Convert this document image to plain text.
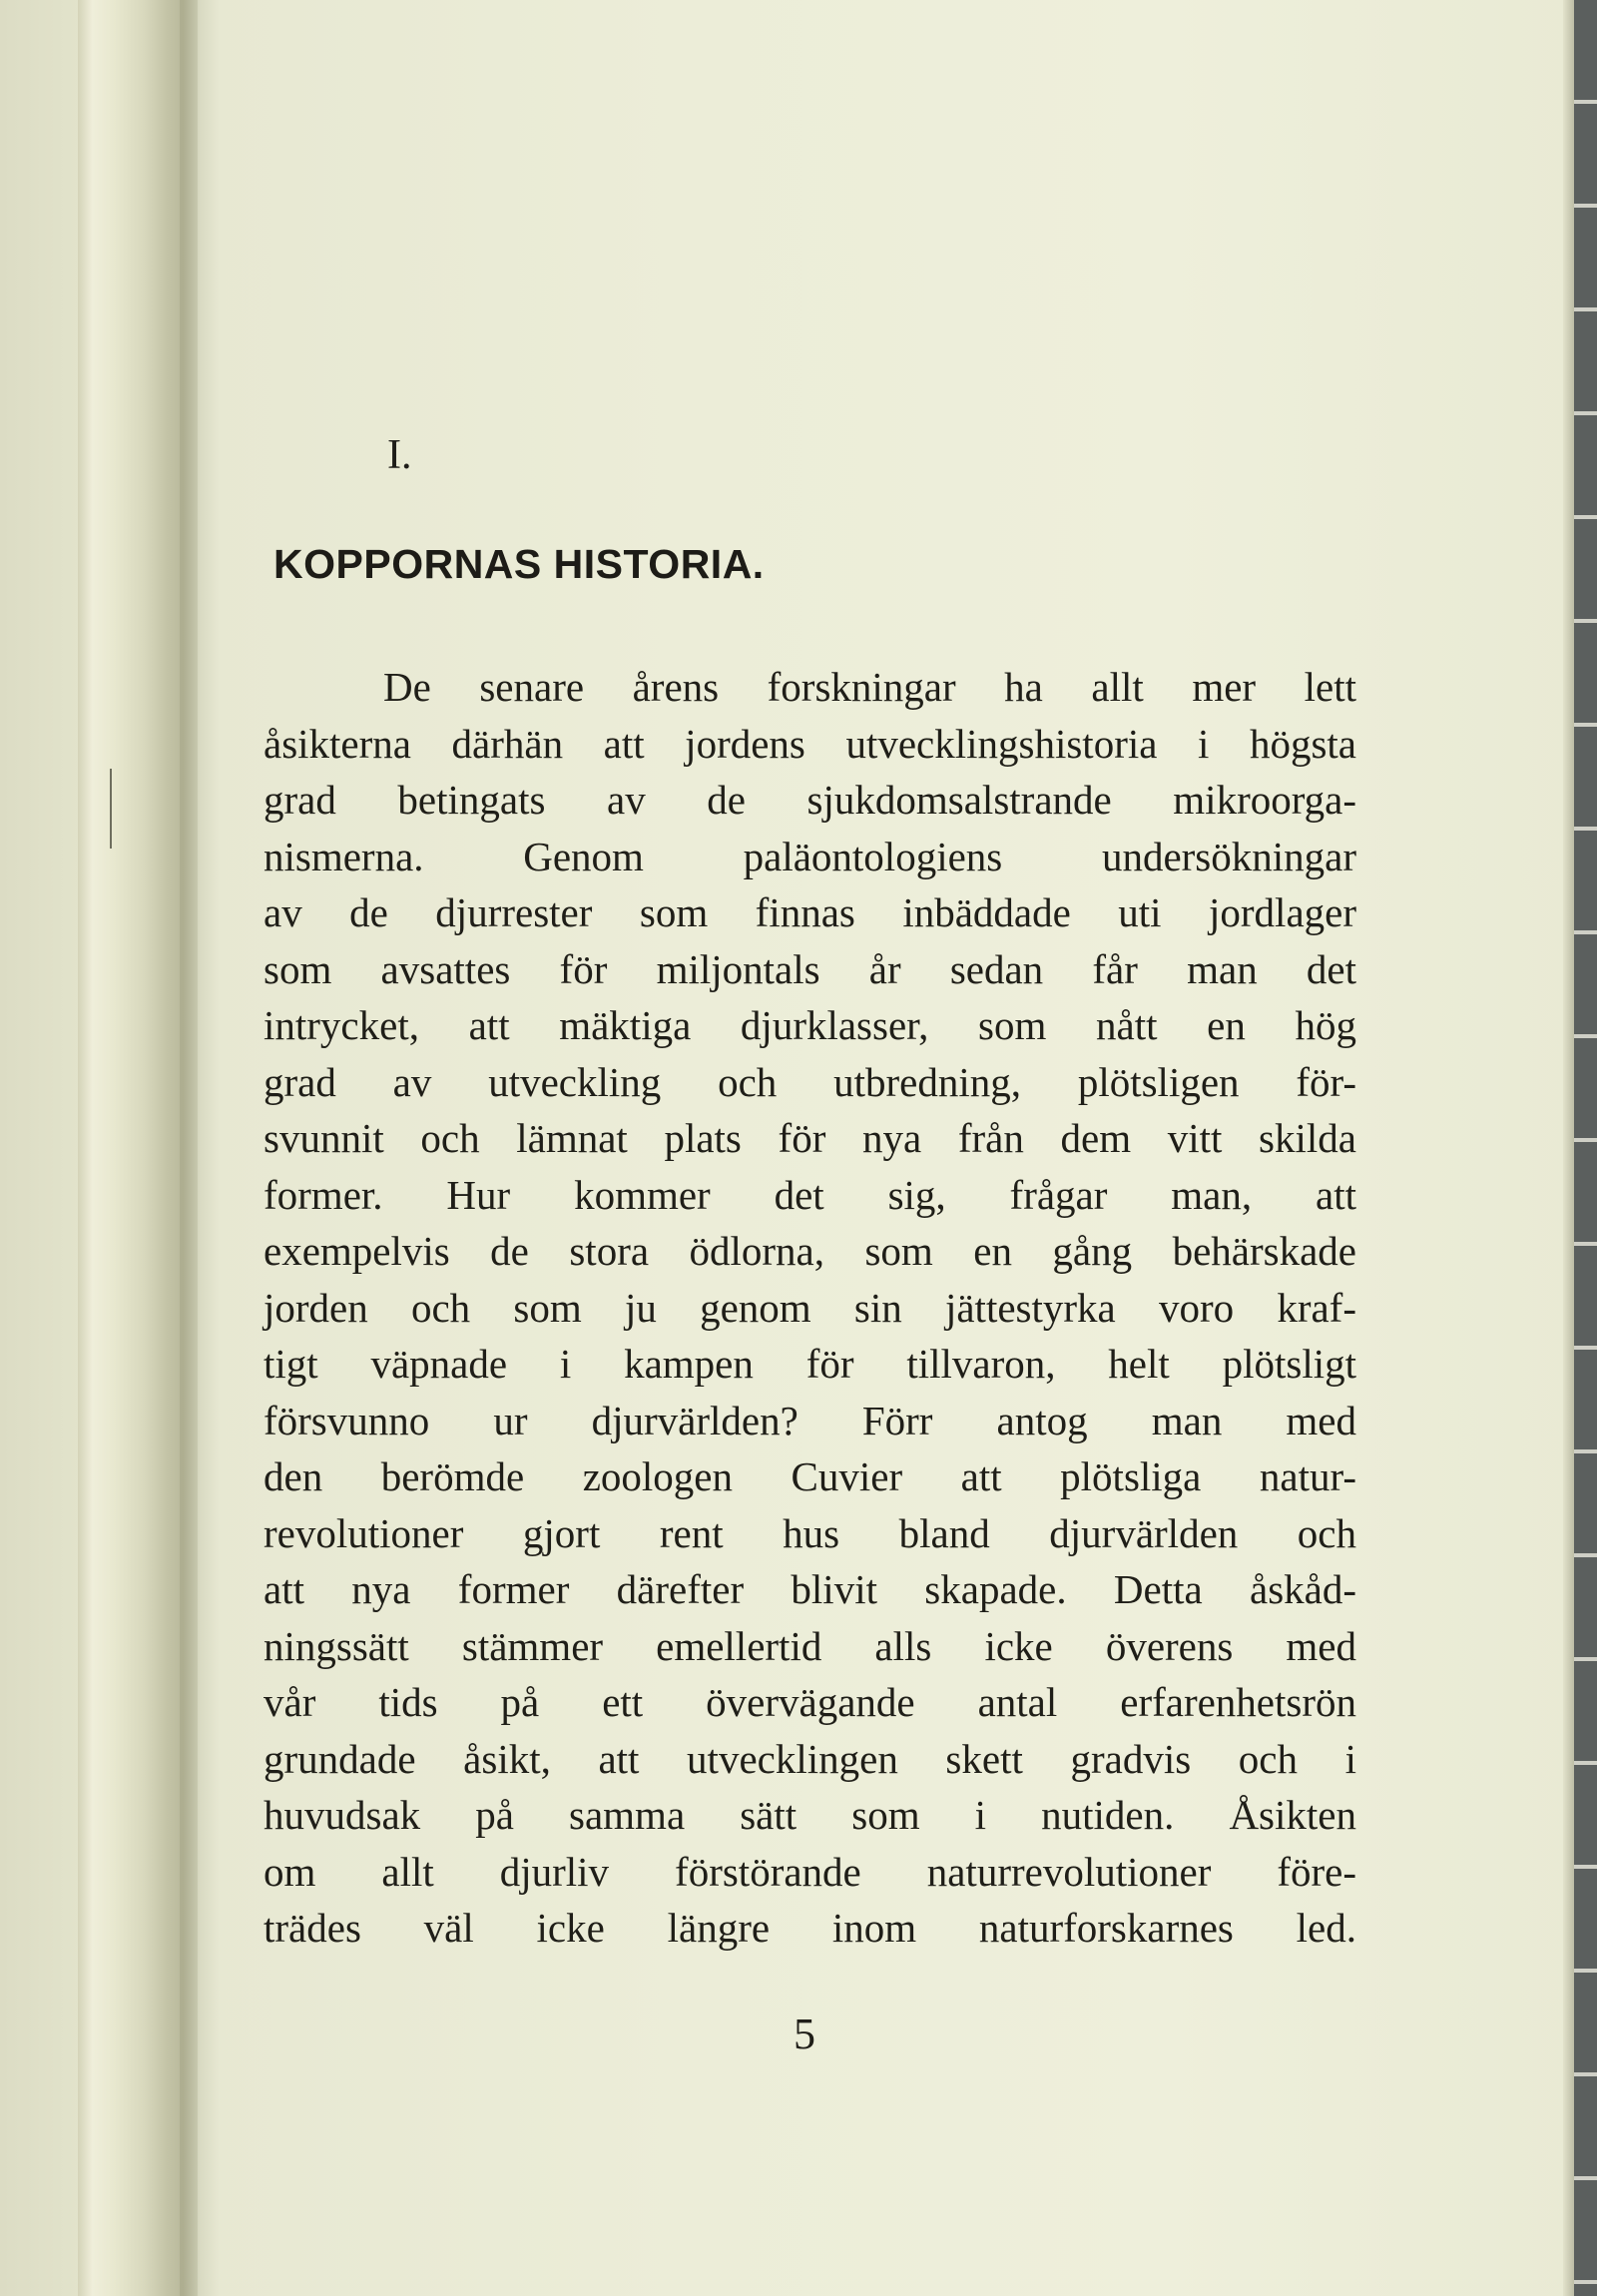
I.
KOPPORNAS HISTORIA.
De senare årens forskningar ha allt mer lett
åsikterna därhän att jordens utvecklingshistoria i högsta
grad betingats av de sjukdomsalstrande mikroorga-
nismerna. Genom paläontologiens undersökningar
av de djurrester som finnas inbäddade uti jordlager
som avsattes för miljontals år sedan får man det
intrycket, att mäktiga djurklasser, som nått en hög
grad av utveckling och utbredning, plötsligen för-
svunnit och lämnat plats för nya från dem vitt skilda
former. Hur kommer det sig, frågar man, att
exempelvis de stora ödlorna, som en gång behärskade
jorden och som ju genom sin jättestyrka voro kraf-
tigt väpnade i kampen för tillvaron, helt plötsligt
försvunno ur djurvärlden? Förr antog man med
den berömde zoologen Cuvier att plötsliga natur-
revolutioner gjort rent hus bland djurvärlden och
att nya former därefter blivit skapade. Detta åskåd-
ningssätt stämmer emellertid alls icke överens med
vår tids på ett övervägande antal erfarenhetsrön
grundade åsikt, att utvecklingen skett gradvis och i
huvudsak på samma sätt som i nutiden. Åsikten
om allt djurliv förstörande naturrevolutioner före-
trädes väl icke längre inom naturforskarnes led.
5
